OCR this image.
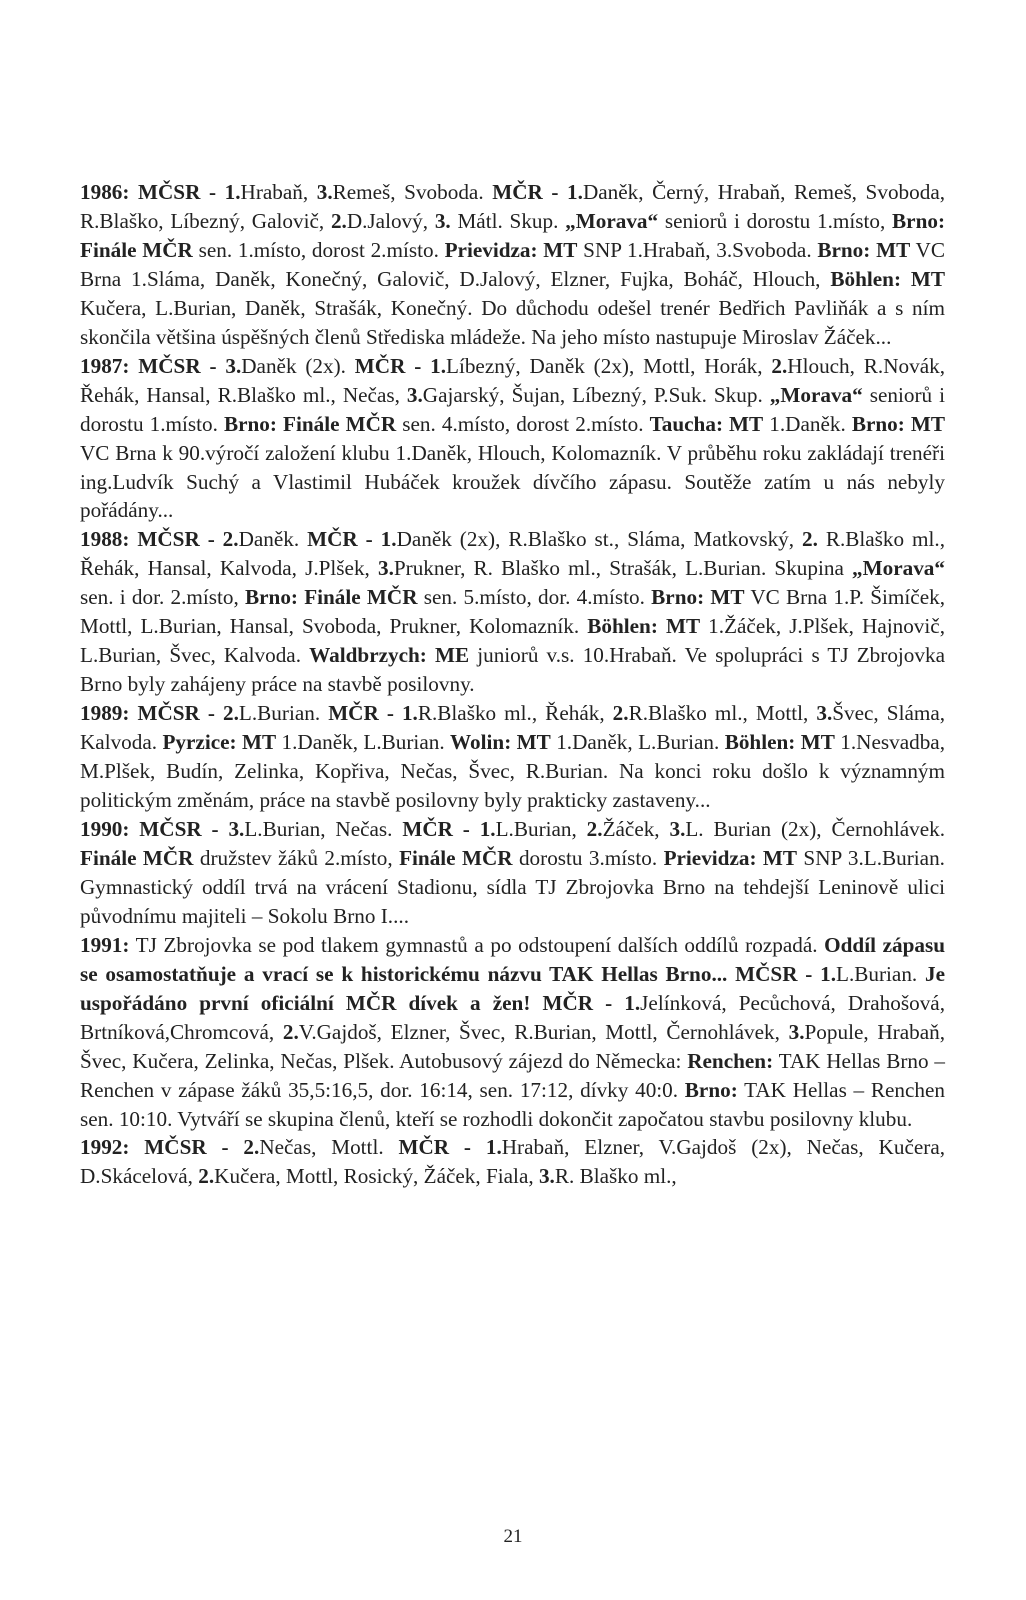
1986: MČSR - 1.Hrabaň, 3.Remeš, Svoboda. MČR - 1.Daněk, Černý, Hrabaň, Remeš, Svoboda, R.Blaško, Líbezný, Galovič, 2.D.Jalový, 3. Mátl. Skup. „Morava“ seniorů i dorostu 1.místo, Brno: Finále MČR sen. 1.místo, dorost 2.místo. Prievidza: MT SNP 1.Hrabaň, 3.Svoboda. Brno: MT VC Brna 1.Sláma, Daněk, Konečný, Galovič, D.Jalový, Elzner, Fujka, Boháč, Hlouch, Böhlen: MT Kučera, L.Burian, Daněk, Strašák, Konečný. Do důchodu odešel trenér Bedřich Pavliňák a s ním skončila většina úspěšných členů Střediska mládeže. Na jeho místo nastupuje Miroslav Žáček...

1987: MČSR - 3.Daněk (2x). MČR - 1.Líbezný, Daněk (2x), Mottl, Horák, 2.Hlouch, R.Novák, Řehák, Hansal, R.Blaško ml., Nečas, 3.Gajarský, Šujan, Líbezný, P.Suk. Skup. „Morava“ seniorů i dorostu 1.místo. Brno: Finále MČR sen. 4.místo, dorost 2.místo. Taucha: MT 1.Daněk. Brno: MT VC Brna k 90.výročí založení klubu 1.Daněk, Hlouch, Kolomazník. V průběhu roku zakládají trenéři ing.Ludvík Suchý a Vlastimil Hubáček kroužek dívčího zápasu. Soutěže zatím u nás nebyly pořádány...

1988: MČSR - 2.Daněk. MČR - 1.Daněk (2x), R.Blaško st., Sláma, Matkovský, 2. R.Blaško ml., Řehák, Hansal, Kalvoda, J.Plšek, 3.Prukner, R. Blaško ml., Strašák, L.Burian. Skupina „Morava“ sen. i dor. 2.místo, Brno: Finále MČR sen. 5.místo, dor. 4.místo. Brno: MT VC Brna 1.P. Šimíček, Mottl, L.Burian, Hansal, Svoboda, Prukner, Kolomazník. Böhlen: MT 1.Žáček, J.Plšek, Hajnovič, L.Burian, Švec, Kalvoda. Waldbrzych: ME juniorů v.s. 10.Hrabaň. Ve spolupráci s TJ Zbrojovka Brno byly zahájeny práce na stavbě posilovny.

1989: MČSR - 2.L.Burian. MČR - 1.R.Blaško ml., Řehák, 2.R.Blaško ml., Mottl, 3.Švec, Sláma, Kalvoda. Pyrzice: MT 1.Daněk, L.Burian. Wolin: MT 1.Daněk, L.Burian. Böhlen: MT 1.Nesvadba, M.Plšek, Budín, Zelinka, Kopřiva, Nečas, Švec, R.Burian. Na konci roku došlo k významným politickým změnám, práce na stavbě posilovny byly prakticky zastaveny...

1990: MČSR - 3.L.Burian, Nečas. MČR - 1.L.Burian, 2.Žáček, 3.L. Burian (2x), Černohlávek. Finále MČR družstev žáků 2.místo, Finále MČR dorostu 3.místo. Prievidza: MT SNP 3.L.Burian. Gymnastický oddíl trvá na vrácení Stadionu, sídla TJ Zbrojovka Brno na tehdejší Leninově ulici původnímu majiteli – Sokolu Brno I....

1991: TJ Zbrojovka se pod tlakem gymnastů a po odstoupení dalších oddílů rozpadá. Oddíl zápasu se osamostatňuje a vrací se k historickému názvu TAK Hellas Brno... MČSR - 1.L.Burian. Je uspořádáno první oficiální MČR dívek a žen! MČR - 1.Jelínková, Pecůchová, Drahošová, Brtníková,Chromcová, 2.V.Gajdoš, Elzner, Švec, R.Burian, Mottl, Černohlávek, 3.Popule, Hrabaň, Švec, Kučera, Zelinka, Nečas, Plšek. Autobusový zájezd do Německa: Renchen: TAK Hellas Brno – Renchen v zápase žáků 35,5:16,5, dor. 16:14, sen. 17:12, dívky 40:0. Brno: TAK Hellas – Renchen sen. 10:10. Vytváří se skupina členů, kteří se rozhodli dokončit započatou stavbu posilovny klubu.

1992: MČSR - 2.Nečas, Mottl. MČR - 1.Hrabaň, Elzner, V.Gajdoš (2x), Nečas, Kučera, D.Skácelová, 2.Kučera, Mottl, Rosický, Žáček, Fiala, 3.R. Blaško ml.,

21
